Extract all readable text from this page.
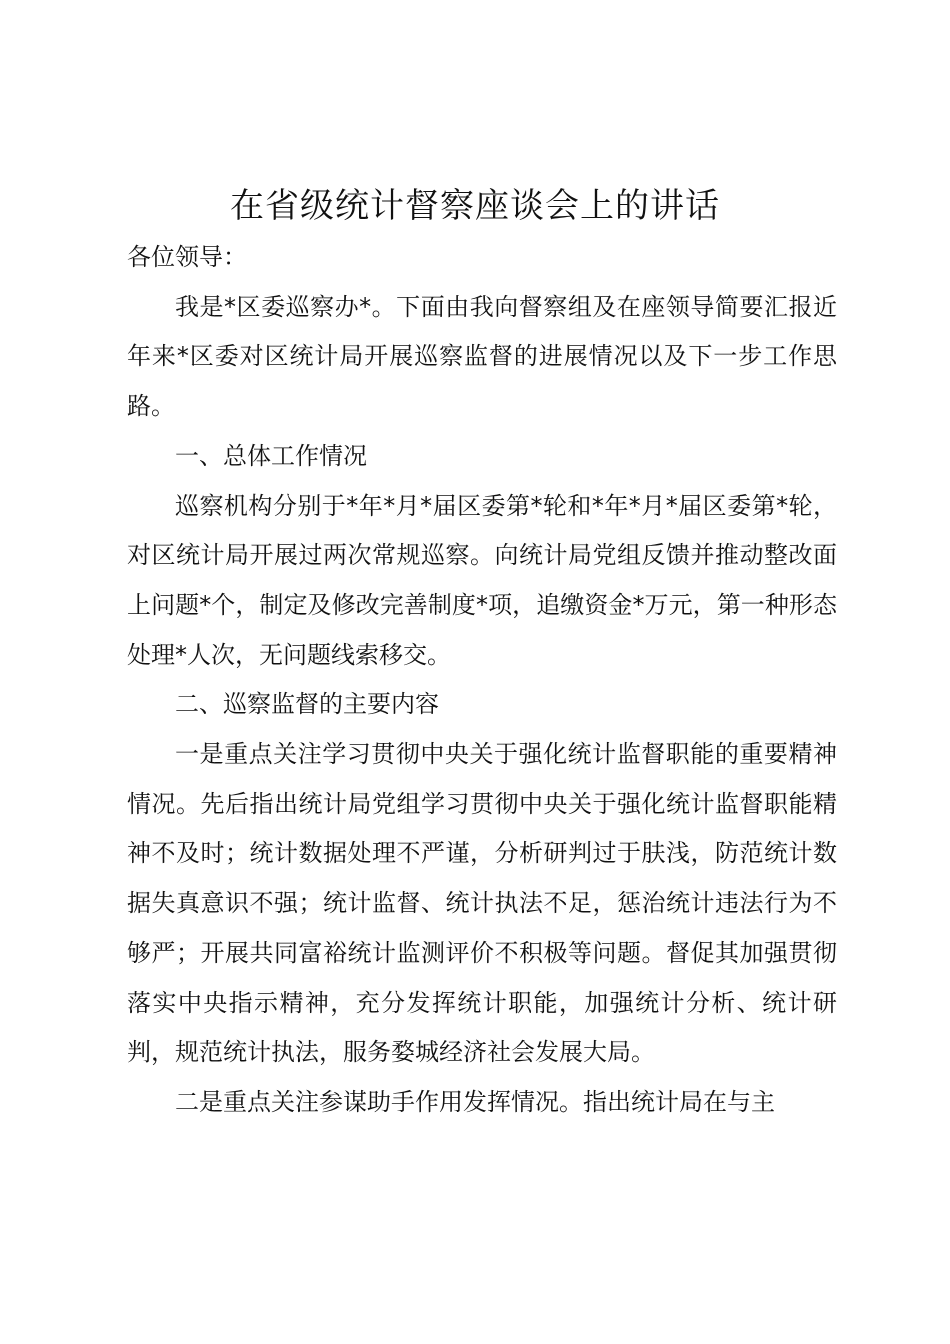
在省级统计督察座谈会上的讲话

各位领导：

我是*区委巡察办*。下面由我向督察组及在座领导简要汇报近年来*区委对区统计局开展巡察监督的进展情况以及下一步工作思路。

一、总体工作情况

巡察机构分别于*年*月*届区委第*轮和*年*月*届区委第*轮，对区统计局开展过两次常规巡察。向统计局党组反馈并推动整改面上问题*个，制定及修改完善制度*项，追缴资金*万元，第一种形态处理*人次，无问题线索移交。

二、巡察监督的主要内容

一是重点关注学习贯彻中央关于强化统计监督职能的重要精神情况。先后指出统计局党组学习贯彻中央关于强化统计监督职能精神不及时；统计数据处理不严谨，分析研判过于肤浅，防范统计数据失真意识不强；统计监督、统计执法不足，惩治统计违法行为不够严；开展共同富裕统计监测评价不积极等问题。督促其加强贯彻落实中央指示精神，充分发挥统计职能，加强统计分析、统计研判，规范统计执法，服务婺城经济社会发展大局。

二是重点关注参谋助手作用发挥情况。指出统计局在与主
